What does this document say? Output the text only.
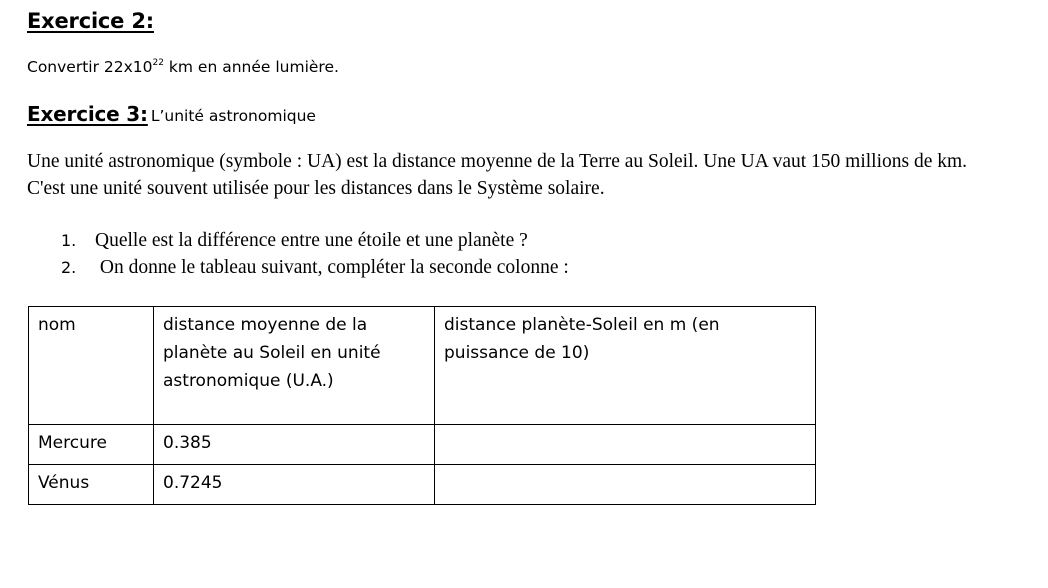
Exercice 2:
Convertir $22x10^{22}$ km en année lumière.
Exercice 3: L’unité astronomique
Une unité astronomique (symbole : UA) est la distance moyenne de la Terre au Soleil. Une UA vaut 150 millions de km. C'est une unité souvent utilisée pour les distances dans le Système solaire.
1. Quelle est la différence entre une étoile et une planète ?
2. On donne le tableau suivant, compléter la seconde colonne :
nom	distance moyenne de la planète au Soleil en unité astronomique (U.A.)	distance planète-Soleil en m (en puissance de 10)
Mercure	0.385	
Vénus	0.7245	
